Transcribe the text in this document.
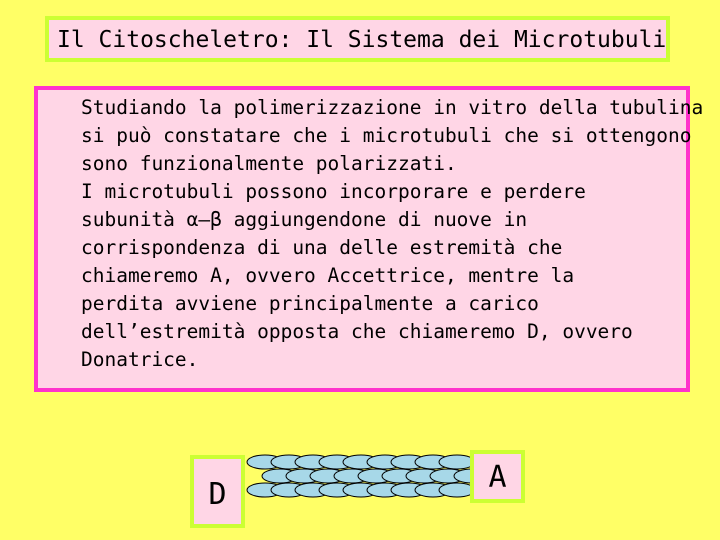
Il Citoscheletro: Il Sistema dei Microtubuli
Studiando la polimerizzazione in vitro della tubulina
si può constatare che i microtubuli che si ottengono
sono funzionalmente polarizzati.
I microtubuli possono incorporare e perdere
subunità α–β aggiungendone di nuove in
corrispondenza di una delle estremità che
chiameremo A, ovvero Accettrice, mentre la
perdita avviene principalmente a carico
dell’estremità opposta che chiameremo D, ovvero
Donatrice.
D	A
